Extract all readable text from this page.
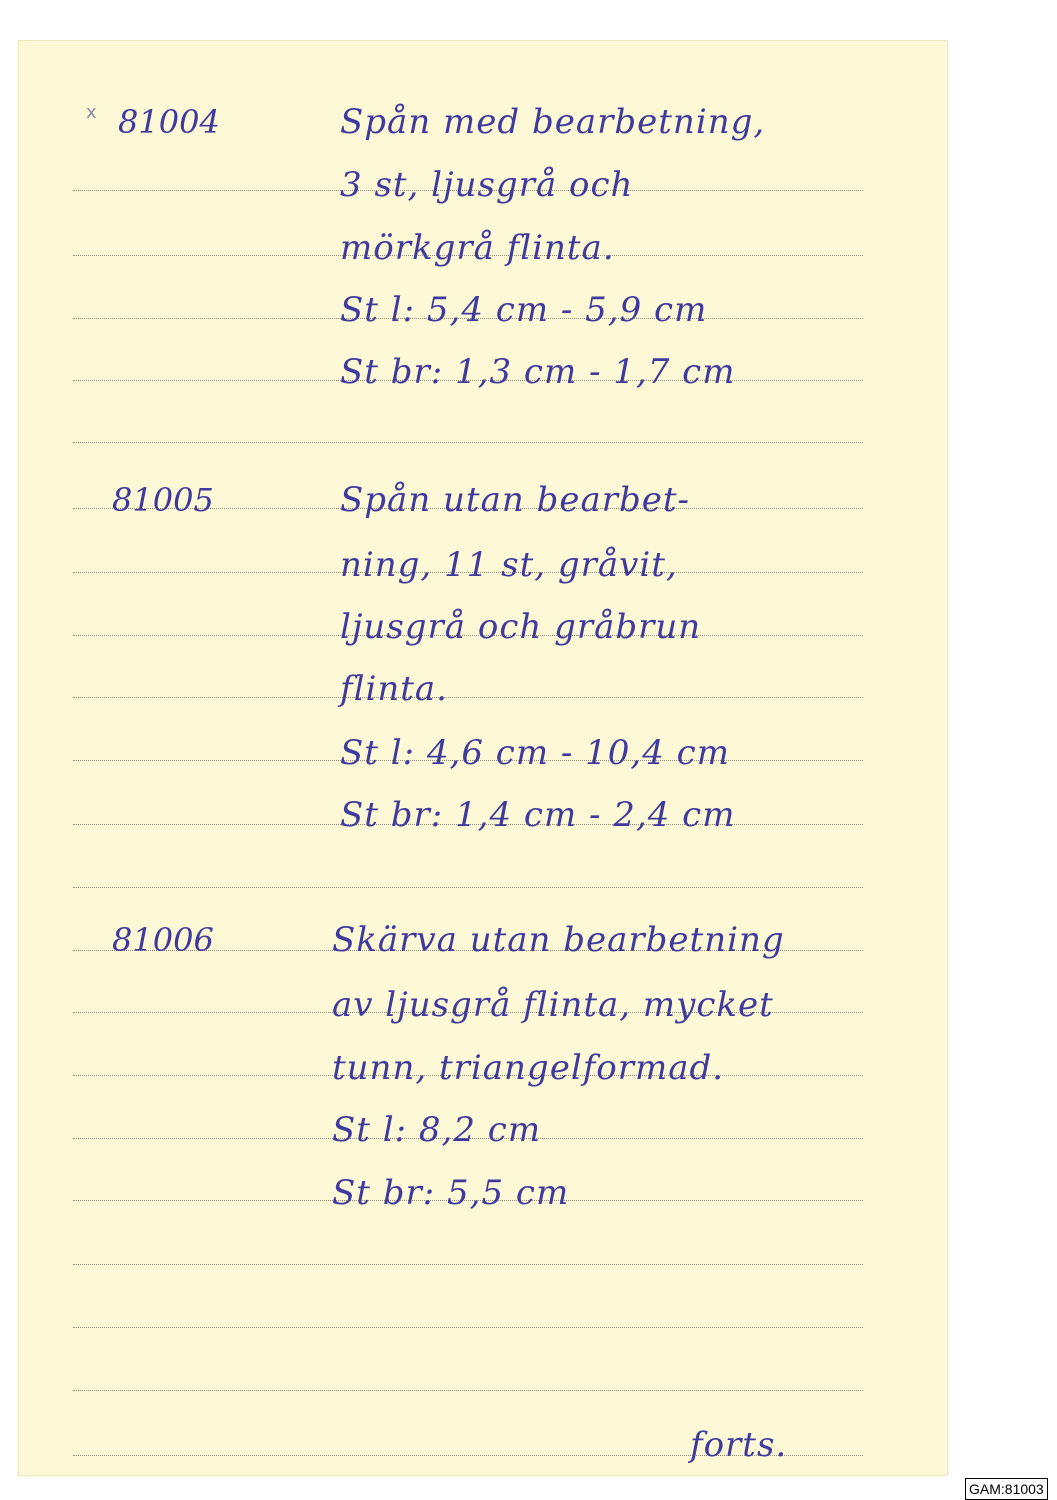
x 81004	Spån med bearbetning,
3 st, ljusgrå och
mörkgrå flinta.
St l: 5,4 cm - 5,9 cm
St br: 1,3 cm - 1,7 cm
81005	Spån utan bearbet-
ning, 11 st, gråvit,
ljusgrå och gråbrun
flinta.
St l: 4,6 cm - 10,4 cm
St br: 1,4 cm - 2,4 cm
81006	Skärva utan bearbetning
av ljusgrå flinta, mycket
tunn, triangelformad.
St l: 8,2 cm
St br: 5,5 cm
forts.
GAM:81003
